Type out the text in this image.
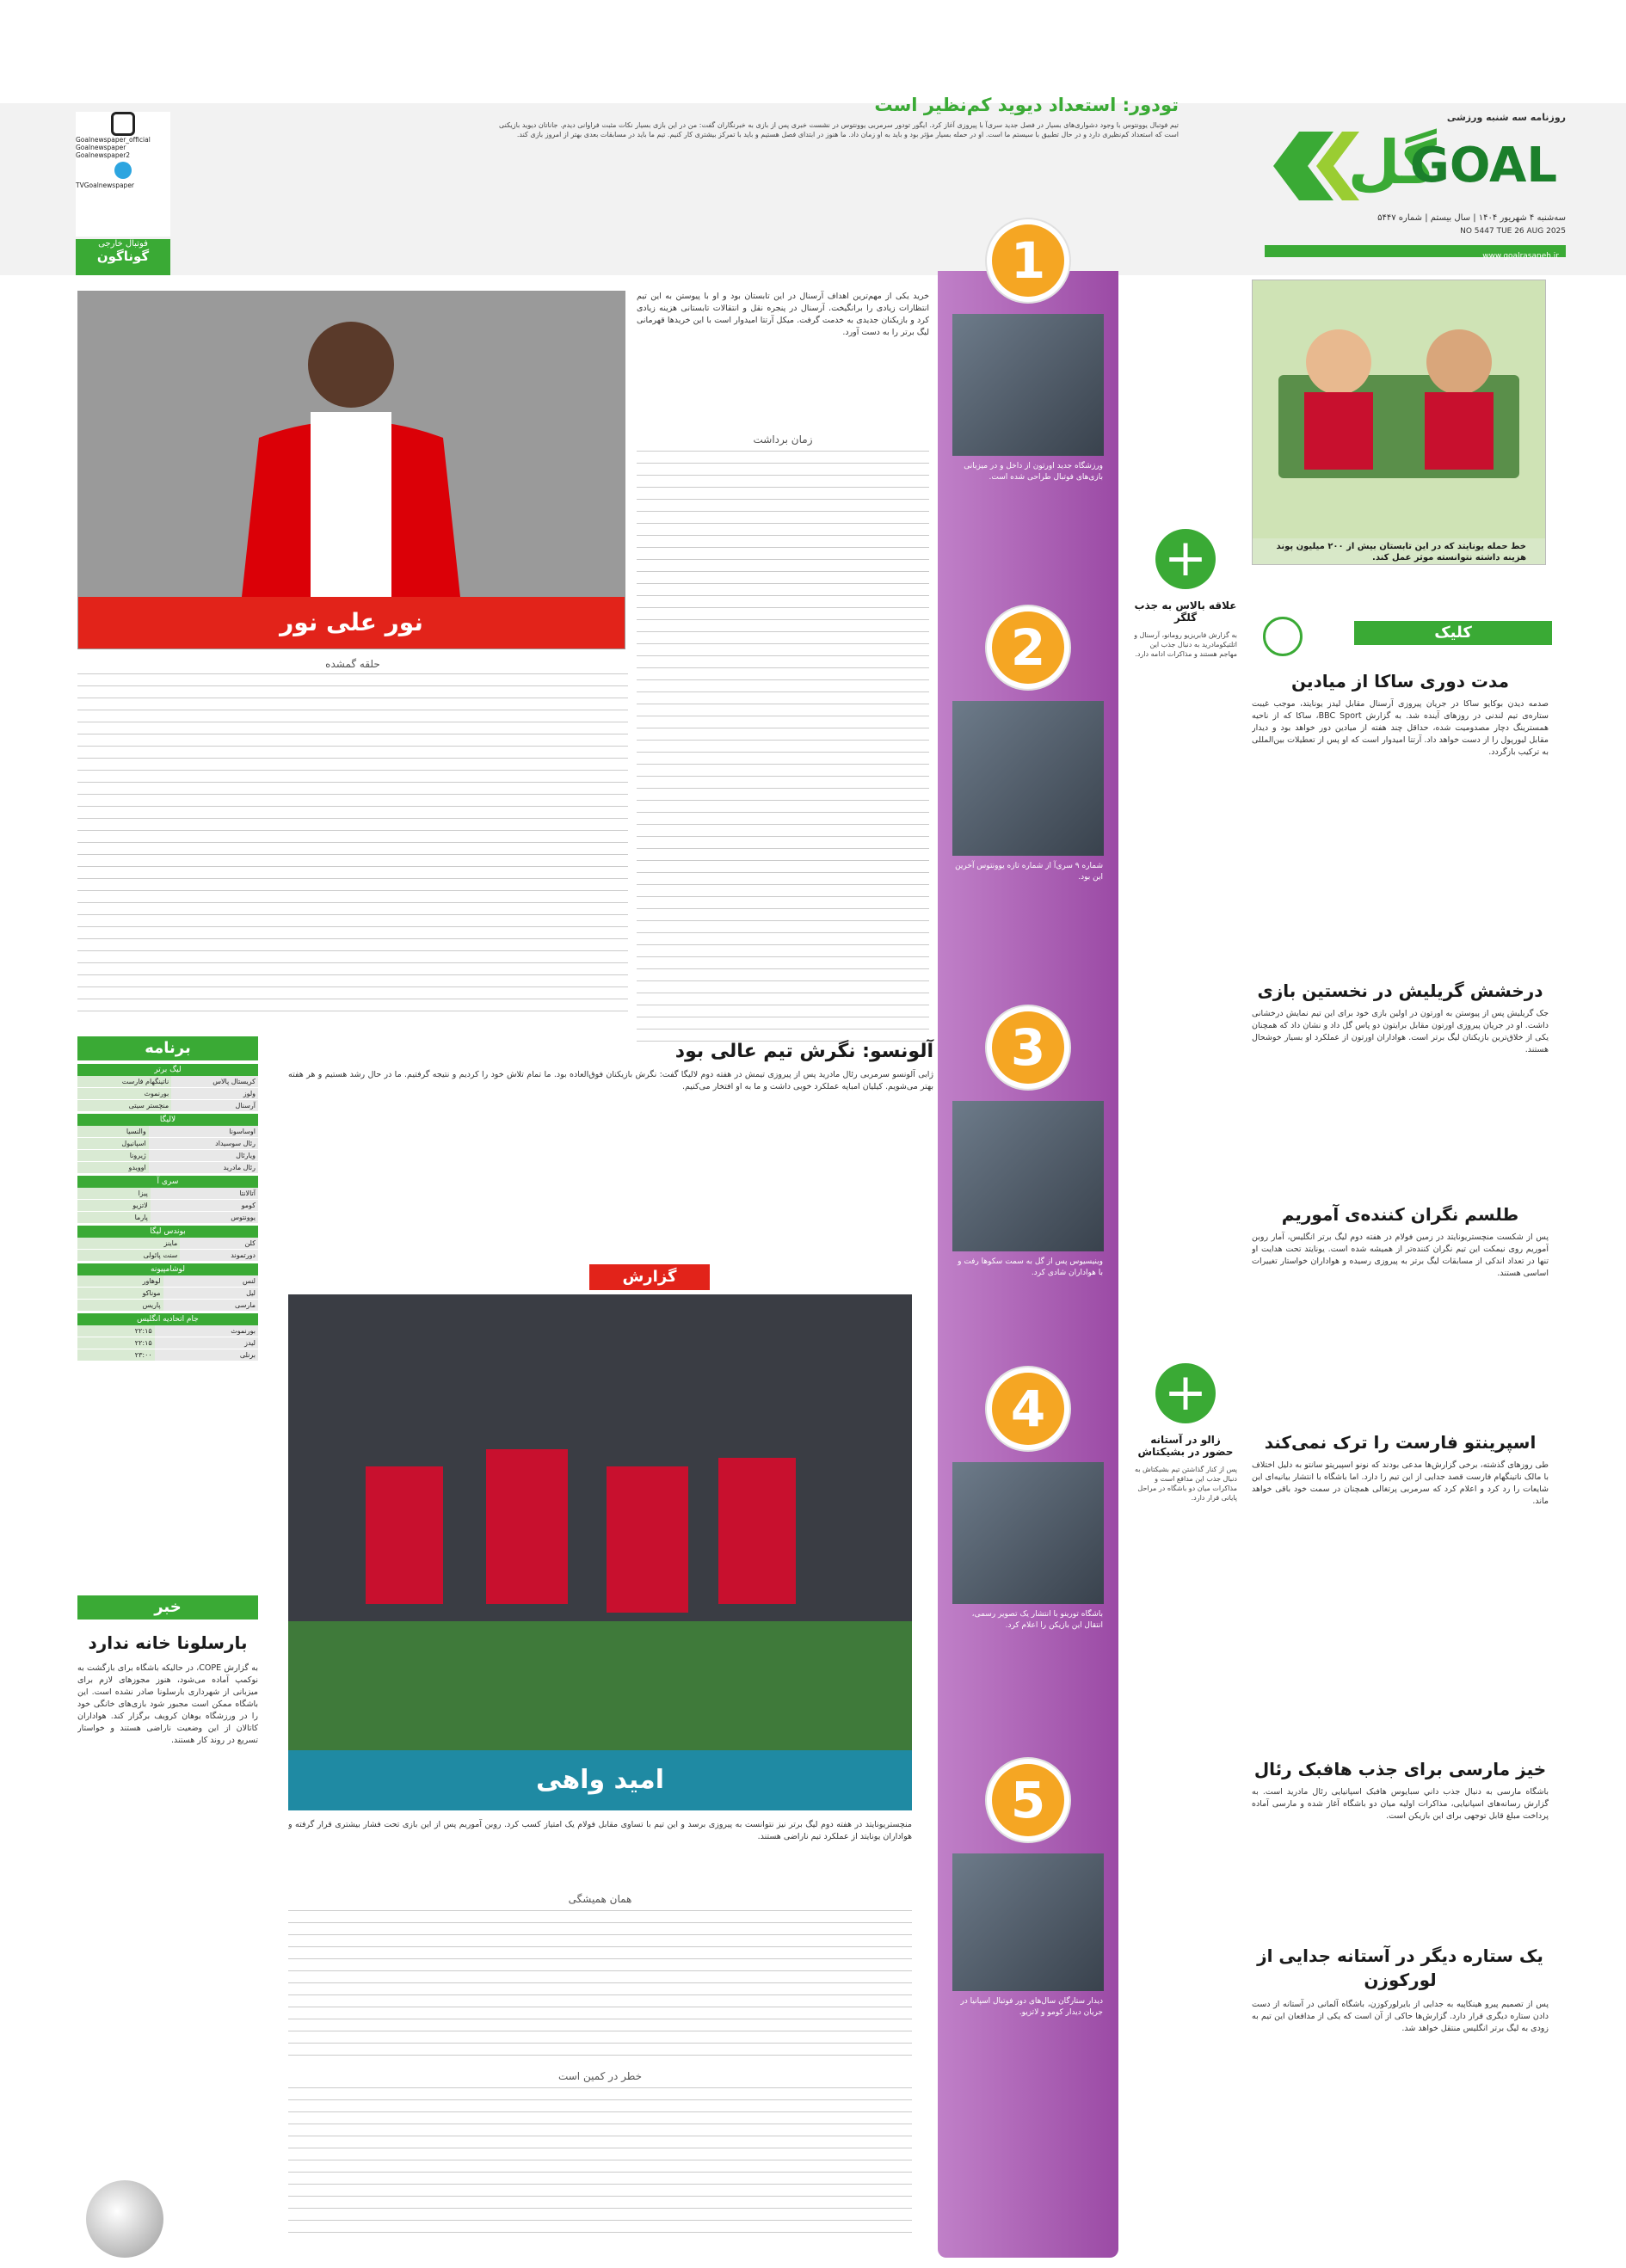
روزنامه سه شنبه ورزشی
گل
GOAL
سه‌شنبه ۴ شهریور ۱۴۰۴ | سال بیستم | شماره ۵۴۴۷
NO 5447 TUE 26 AUG 2025
www.goalrasaneh.ir
تودور: استعداد دیوید کم‌نظیر است
تیم فوتبال یوونتوس با وجود دشواری‌های بسیار در فصل جدید سری‌آ با پیروزی آغاز کرد. ایگور تودور سرمربی یوونتوس در نشست خبری پس از بازی به خبرنگاران گفت: من در این بازی بسیار نکات مثبت فراوانی دیدم. جاناتان دیوید بازیکنی است که استعداد کم‌نظیری دارد و در حال تطبیق با سیستم ما است. او در حمله بسیار مؤثر بود و باید به او زمان داد. ما هنوز در ابتدای فصل هستیم و باید با تمرکز بیشتری کار کنیم. تیم ما باید در مسابقات بعدی بهتر از امروز بازی کند.
Goalnewspaper_official
Goalnewspaper
Goalnewspaper2
TVGoalnewspaper
فوتبال خارجی
گوناگون
خط حمله یونایتد که در این تابستان بیش از ۲۰۰ میلیون پوند هزینه داشته نتوانسته موثر عمل کند.
کلیک
مدت دوری ساکا از میادین
صدمه دیدن بوکایو ساکا در جریان پیروزی آرسنال مقابل لیدز یونایتد، موجب غیبت ستاره‌ی تیم لندنی در روزهای آینده شد. به گزارش BBC Sport، ساکا که از ناحیه همسترینگ دچار مصدومیت شده، حداقل چند هفته از میادین دور خواهد بود و دیدار مقابل لیورپول را از دست خواهد داد. آرتتا امیدوار است که او پس از تعطیلات بین‌المللی به ترکیب بازگردد.
درخشش گریلیش در نخستین بازی
جک گریلیش پس از پیوستن به اورتون در اولین بازی خود برای این تیم نمایش درخشانی داشت. او در جریان پیروزی اورتون مقابل برایتون دو پاس گل داد و نشان داد که همچنان یکی از خلاق‌ترین بازیکنان لیگ برتر است. هواداران اورتون از عملکرد او بسیار خوشحال هستند.
طلسم نگران کننده‌ی آموریم
پس از شکست منچستریونایتد در زمین فولام در هفته دوم لیگ برتر انگلیس، آمار روبن آموریم روی نیمکت این تیم نگران کننده‌تر از همیشه شده است. یونایتد تحت هدایت او تنها در تعداد اندکی از مسابقات لیگ برتر به پیروزی رسیده و هواداران خواستار تغییرات اساسی هستند.
اسپرینتو فارست را ترک نمی‌کند
طی روزهای گذشته، برخی گزارش‌ها مدعی بودند که نونو اسپیریتو سانتو به دلیل اختلاف با مالک ناتینگهام فارست قصد جدایی از این تیم را دارد. اما باشگاه با انتشار بیانیه‌ای این شایعات را رد کرد و اعلام کرد که سرمربی پرتغالی همچنان در سمت خود باقی خواهد ماند.
خیز مارسی برای جذب هافبک رئال
باشگاه مارسی به دنبال جذب داني سبایوس هافبک اسپانیایی رئال مادرید است. به گزارش رسانه‌های اسپانیایی، مذاکرات اولیه میان دو باشگاه آغاز شده و مارسی آماده پرداخت مبلغ قابل توجهی برای این بازیکن است.
یک ستاره دیگر در آستانه جدایی از لورکوزن
پس از تصمیم پیرو هینکاپیه به جدایی از بایرلورکوزن، باشگاه آلمانی در آستانه از دست دادن ستاره دیگری قرار دارد. گزارش‌ها حاکی از آن است که یکی از مدافعان این تیم به زودی به لیگ برتر انگلیس منتقل خواهد شد.
1
ورزشگاه جدید اورتون از داخل و در میزبانی بازی‌های فوتبال طراحی شده است.
2
شماره ۹ سری‌آ از شماره تازه یوونتوس آخرین این بود.
3
وینیسیوس پس از گل به سمت سکوها رفت و با هواداران شادی کرد.
4
باشگاه تورینو با انتشار یک تصویر رسمی، انتقال این بازیکن را اعلام کرد.
5
دیدار ستارگان سال‌های دور فوتبال اسپانیا در جریان دیدار کومو و لاتزیو.
+
علاقه بالاس به جذب گلگر
به گزارش فابریزیو رومانو، آرسنال و اتلتیکومادرید به دنبال جذب این مهاجم هستند و مذاکرات ادامه دارد.
+
زالو در آستانه حضور در بشیکتاش
پس از کنار گذاشتن تیم بشیکتاش به دنبال جذب این مدافع است و مذاکرات میان دو باشگاه در مراحل پایانی قرار دارد.
نور علی نور
خرید یکی از مهم‌ترین اهداف آرسنال در این تابستان بود و او با پیوستن به این تیم انتظارات زیادی را برانگیخت. آرسنال در پنجره نقل و انتقالات تابستانی هزینه زیادی کرد و بازیکنان جدیدی به خدمت گرفت. میکل آرتتا امیدوار است با این خریدها قهرمانی لیگ برتر را به دست آورد.
زمان برداشت
حلقه گمشده
برنامه
لیگ برتر
کریستال پالاس	ناتینگهام فارست
ولوز	بورنموث
آرسنال	منچستر سیتی
لالیگا
اوساسونا	والنسیا
رئال سوسیداد	اسپانیول
ویارئال	ژیرونا
رئال مادرید	اوویدو
سری آ
آتالانتا	پیزا
کومو	لاتزیو
یوونتوس	پارما
بوندس لیگا
کلن	ماینز
دورتموند	سنت پائولی
لوشامپیونه
لنس	لوهاور
لیل	موناکو
مارسی	پاریس
جام اتحادیه انگلیس
بورنموث	۲۲:۱۵
لیدز	۲۲:۱۵
برنلی	۲۳:۰۰
خبر
بارسلونا خانه ندارد
به گزارش COPE، در حالیکه باشگاه برای بازگشت به نوکمپ آماده می‌شود، هنوز مجوزهای لازم برای میزبانی از شهرداری بارسلونا صادر نشده است. این باشگاه ممکن است مجبور شود بازی‌های خانگی خود را در ورزشگاه یوهان کرویف برگزار کند. هواداران کاتالان از این وضعیت ناراضی هستند و خواستار تسریع در روند کار هستند.
آلونسو: نگرش تیم عالی بود
ژابی آلونسو سرمربی رئال مادرید پس از پیروزی تیمش در هفته دوم لالیگا گفت: نگرش بازیکنان فوق‌العاده بود. ما تمام تلاش خود را کردیم و نتیجه گرفتیم. ما در حال رشد هستیم و هر هفته بهتر می‌شویم. کیلیان امباپه عملکرد خوبی داشت و ما به او افتخار می‌کنیم.
گزارش
امید واهی
منچستریونایتد در هفته دوم لیگ برتر نیز نتوانست به پیروزی برسد و این تیم با تساوی مقابل فولام یک امتیاز کسب کرد. روبن آموریم پس از این بازی تحت فشار بیشتری قرار گرفته و هواداران یونایتد از عملکرد تیم ناراضی هستند.
همان همیشگی
خطر در کمین است
